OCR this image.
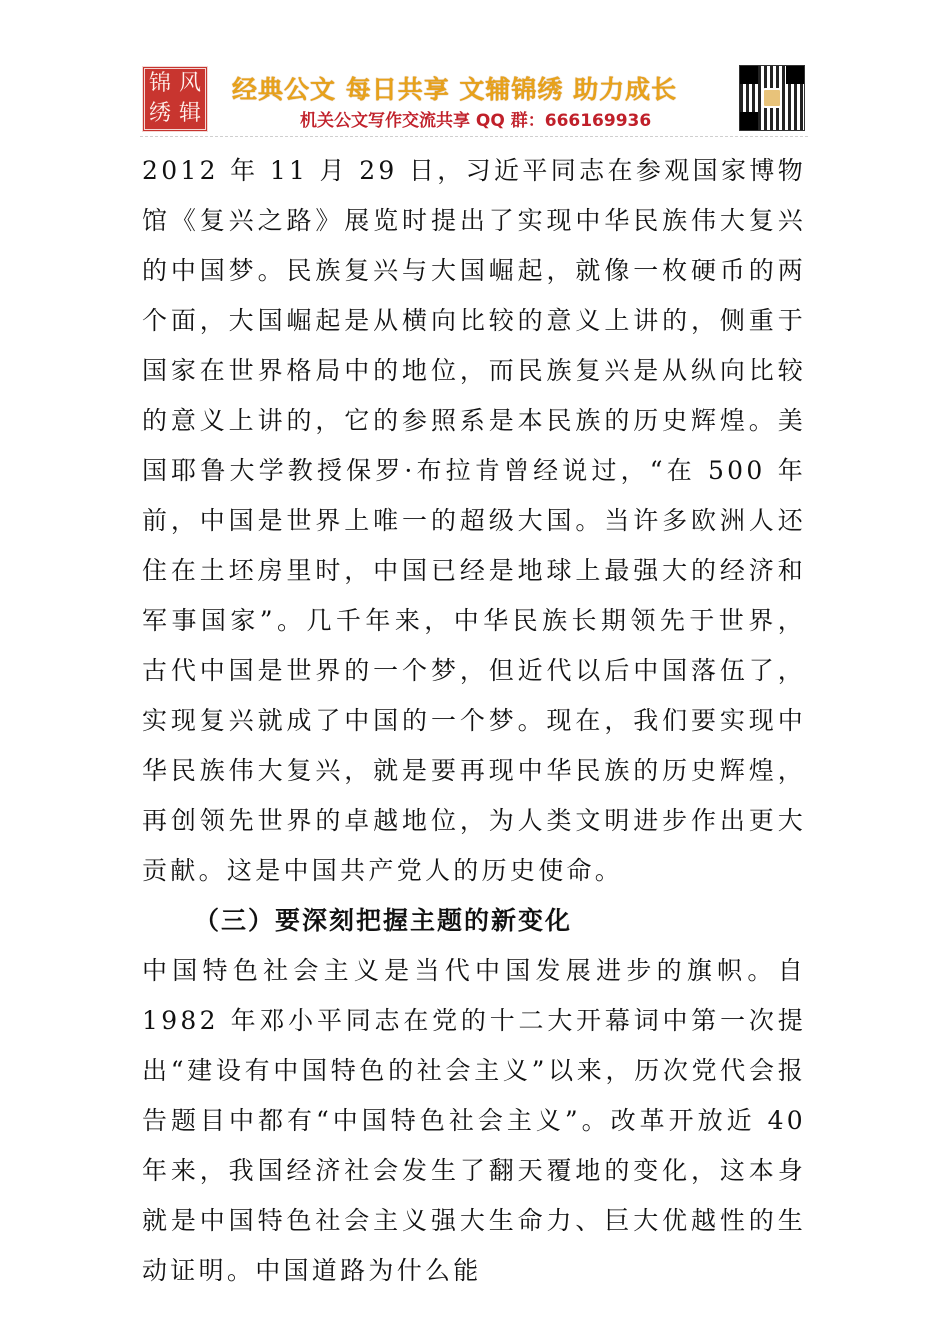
锦 风
绣 辑
经典公文 每日共享 文辅锦绣 助力成长
机关公文写作交流共享 QQ 群：666169936

2012 年 11 月 29 日，习近平同志在参观国家博物馆《复兴之路》展览时提出了实现中华民族伟大复兴的中国梦。民族复兴与大国崛起，就像一枚硬币的两个面，大国崛起是从横向比较的意义上讲的，侧重于国家在世界格局中的地位，而民族复兴是从纵向比较的意义上讲的，它的参照系是本民族的历史辉煌。美国耶鲁大学教授保罗·布拉肯曾经说过，“在 500 年前，中国是世界上唯一的超级大国。当许多欧洲人还住在土坯房里时，中国已经是地球上最强大的经济和军事国家”。几千年来，中华民族长期领先于世界，古代中国是世界的一个梦，但近代以后中国落伍了，实现复兴就成了中国的一个梦。现在，我们要实现中华民族伟大复兴，就是要再现中华民族的历史辉煌，再创领先世界的卓越地位，为人类文明进步作出更大贡献。这是中国共产党人的历史使命。

（三）要深刻把握主题的新变化

中国特色社会主义是当代中国发展进步的旗帜。自 1982 年邓小平同志在党的十二大开幕词中第一次提出“建设有中国特色的社会主义”以来，历次党代会报告题目中都有“中国特色社会主义”。改革开放近 40 年来，我国经济社会发生了翻天覆地的变化，这本身就是中国特色社会主义强大生命力、巨大优越性的生动证明。中国道路为什么能
